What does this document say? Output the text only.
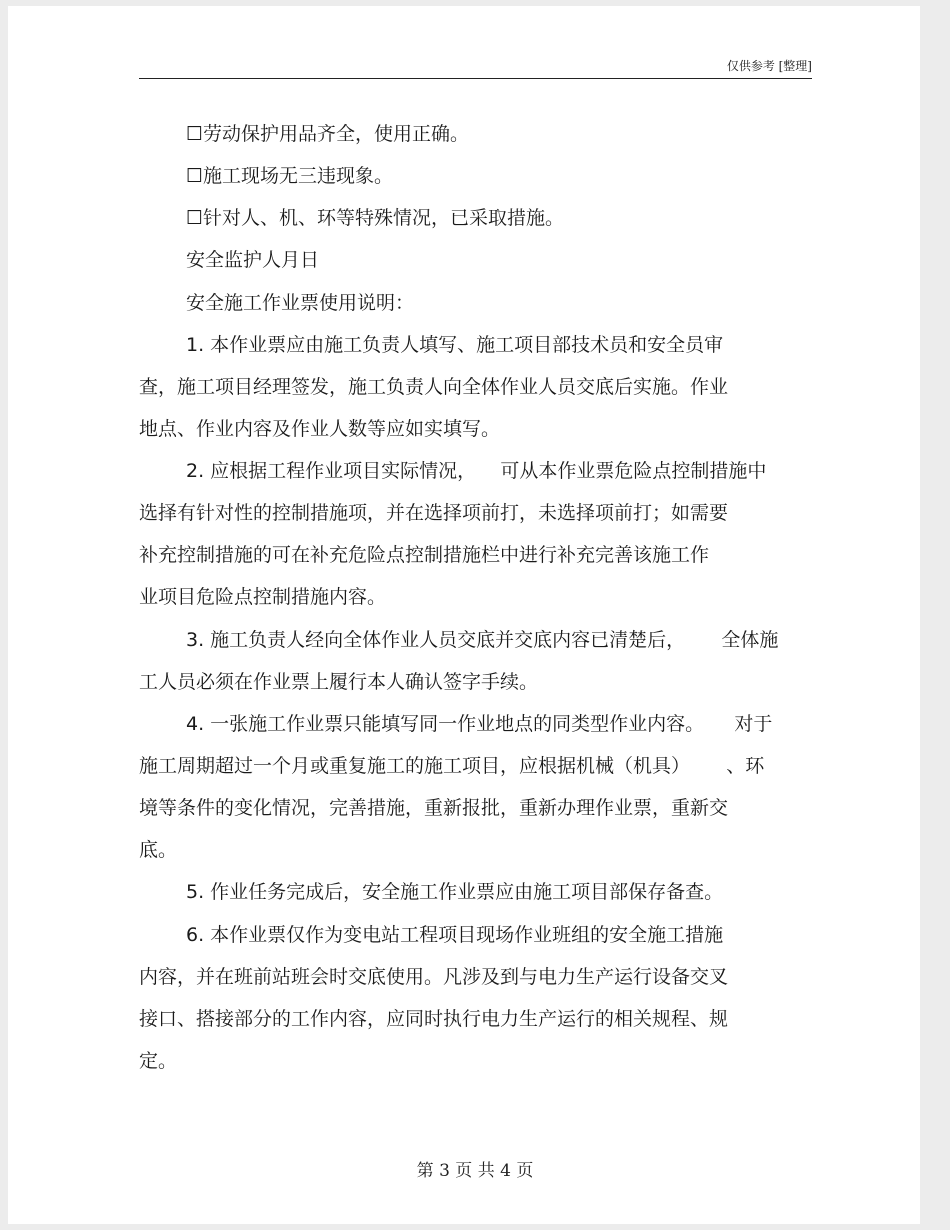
仅供参考 [整理]
☐劳动保护用品齐全，使用正确。
☐施工现场无三违现象。
☐针对人、机、环等特殊情况，已采取措施。
安全监护人月日
安全施工作业票使用说明：
1. 本作业票应由施工负责人填写、施工项目部技术员和安全员审
查，施工项目经理签发，施工负责人向全体作业人员交底后实施。作业
地点、作业内容及作业人数等应如实填写。
2. 应根据工程作业项目实际情况，    可从本作业票危险点控制措施中
选择有针对性的控制措施项，并在选择项前打，未选择项前打；如需要
补充控制措施的可在补充危险点控制措施栏中进行补充完善该施工作
业项目危险点控制措施内容。
3. 施工负责人经向全体作业人员交底并交底内容已清楚后，      全体施
工人员必须在作业票上履行本人确认签字手续。
4. 一张施工作业票只能填写同一作业地点的同类型作业内容。     对于
施工周期超过一个月或重复施工的施工项目，应根据机械（机具）      、环
境等条件的变化情况，完善措施，重新报批，重新办理作业票，重新交
底。
5. 作业任务完成后，安全施工作业票应由施工项目部保存备查。
6. 本作业票仅作为变电站工程项目现场作业班组的安全施工措施
内容，并在班前站班会时交底使用。凡涉及到与电力生产运行设备交叉
接口、搭接部分的工作内容，应同时执行电力生产运行的相关规程、规
定。
第 3 页 共 4 页
